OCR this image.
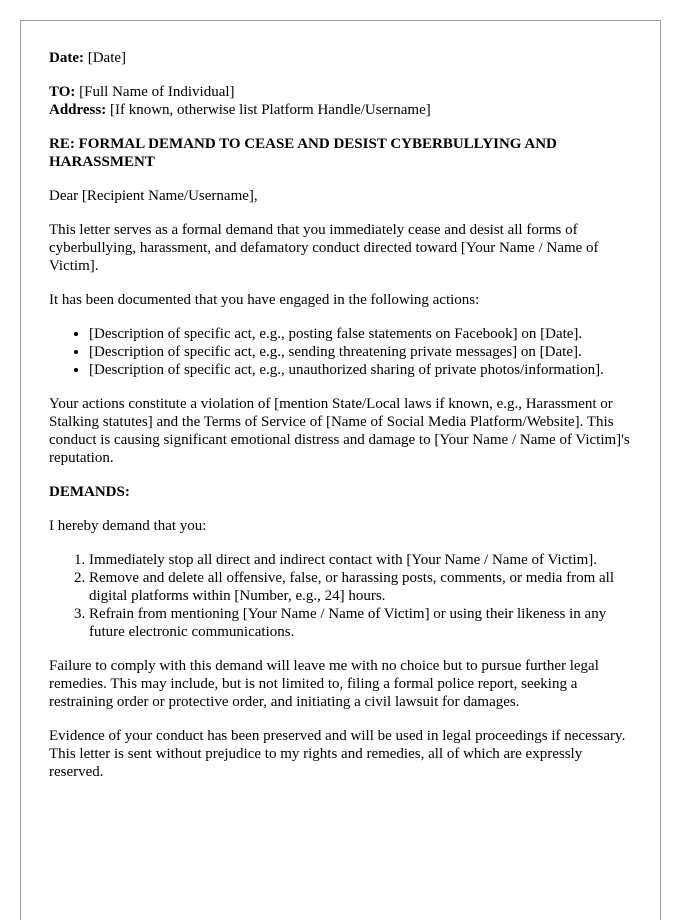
Date: [Date]

TO: [Full Name of Individual]

Address: [If known, otherwise list Platform Handle/Username]

RE: FORMAL DEMAND TO CEASE AND DESIST CYBERBULLYING AND HARASSMENT

Dear [Recipient Name/Username],

This letter serves as a formal demand that you immediately cease and desist all forms of cyberbullying, harassment, and defamatory conduct directed toward [Your Name / Name of Victim].

It has been documented that you have engaged in the following actions:

• [Description of specific act, e.g., posting false statements on Facebook] on [Date].
• [Description of specific act, e.g., sending threatening private messages] on [Date].
• [Description of specific act, e.g., unauthorized sharing of private photos/information].

Your actions constitute a violation of [mention State/Local laws if known, e.g., Harassment or Stalking statutes] and the Terms of Service of [Name of Social Media Platform/Website]. This conduct is causing significant emotional distress and damage to [Your Name / Name of Victim]'s reputation.

DEMANDS:

I hereby demand that you:

1. Immediately stop all direct and indirect contact with [Your Name / Name of Victim].
2. Remove and delete all offensive, false, or harassing posts, comments, or media from all digital platforms within [Number, e.g., 24] hours.
3. Refrain from mentioning [Your Name / Name of Victim] or using their likeness in any future electronic communications.

Failure to comply with this demand will leave me with no choice but to pursue further legal remedies. This may include, but is not limited to, filing a formal police report, seeking a restraining order or protective order, and initiating a civil lawsuit for damages.

Evidence of your conduct has been preserved and will be used in legal proceedings if necessary. This letter is sent without prejudice to my rights and remedies, all of which are expressly reserved.
